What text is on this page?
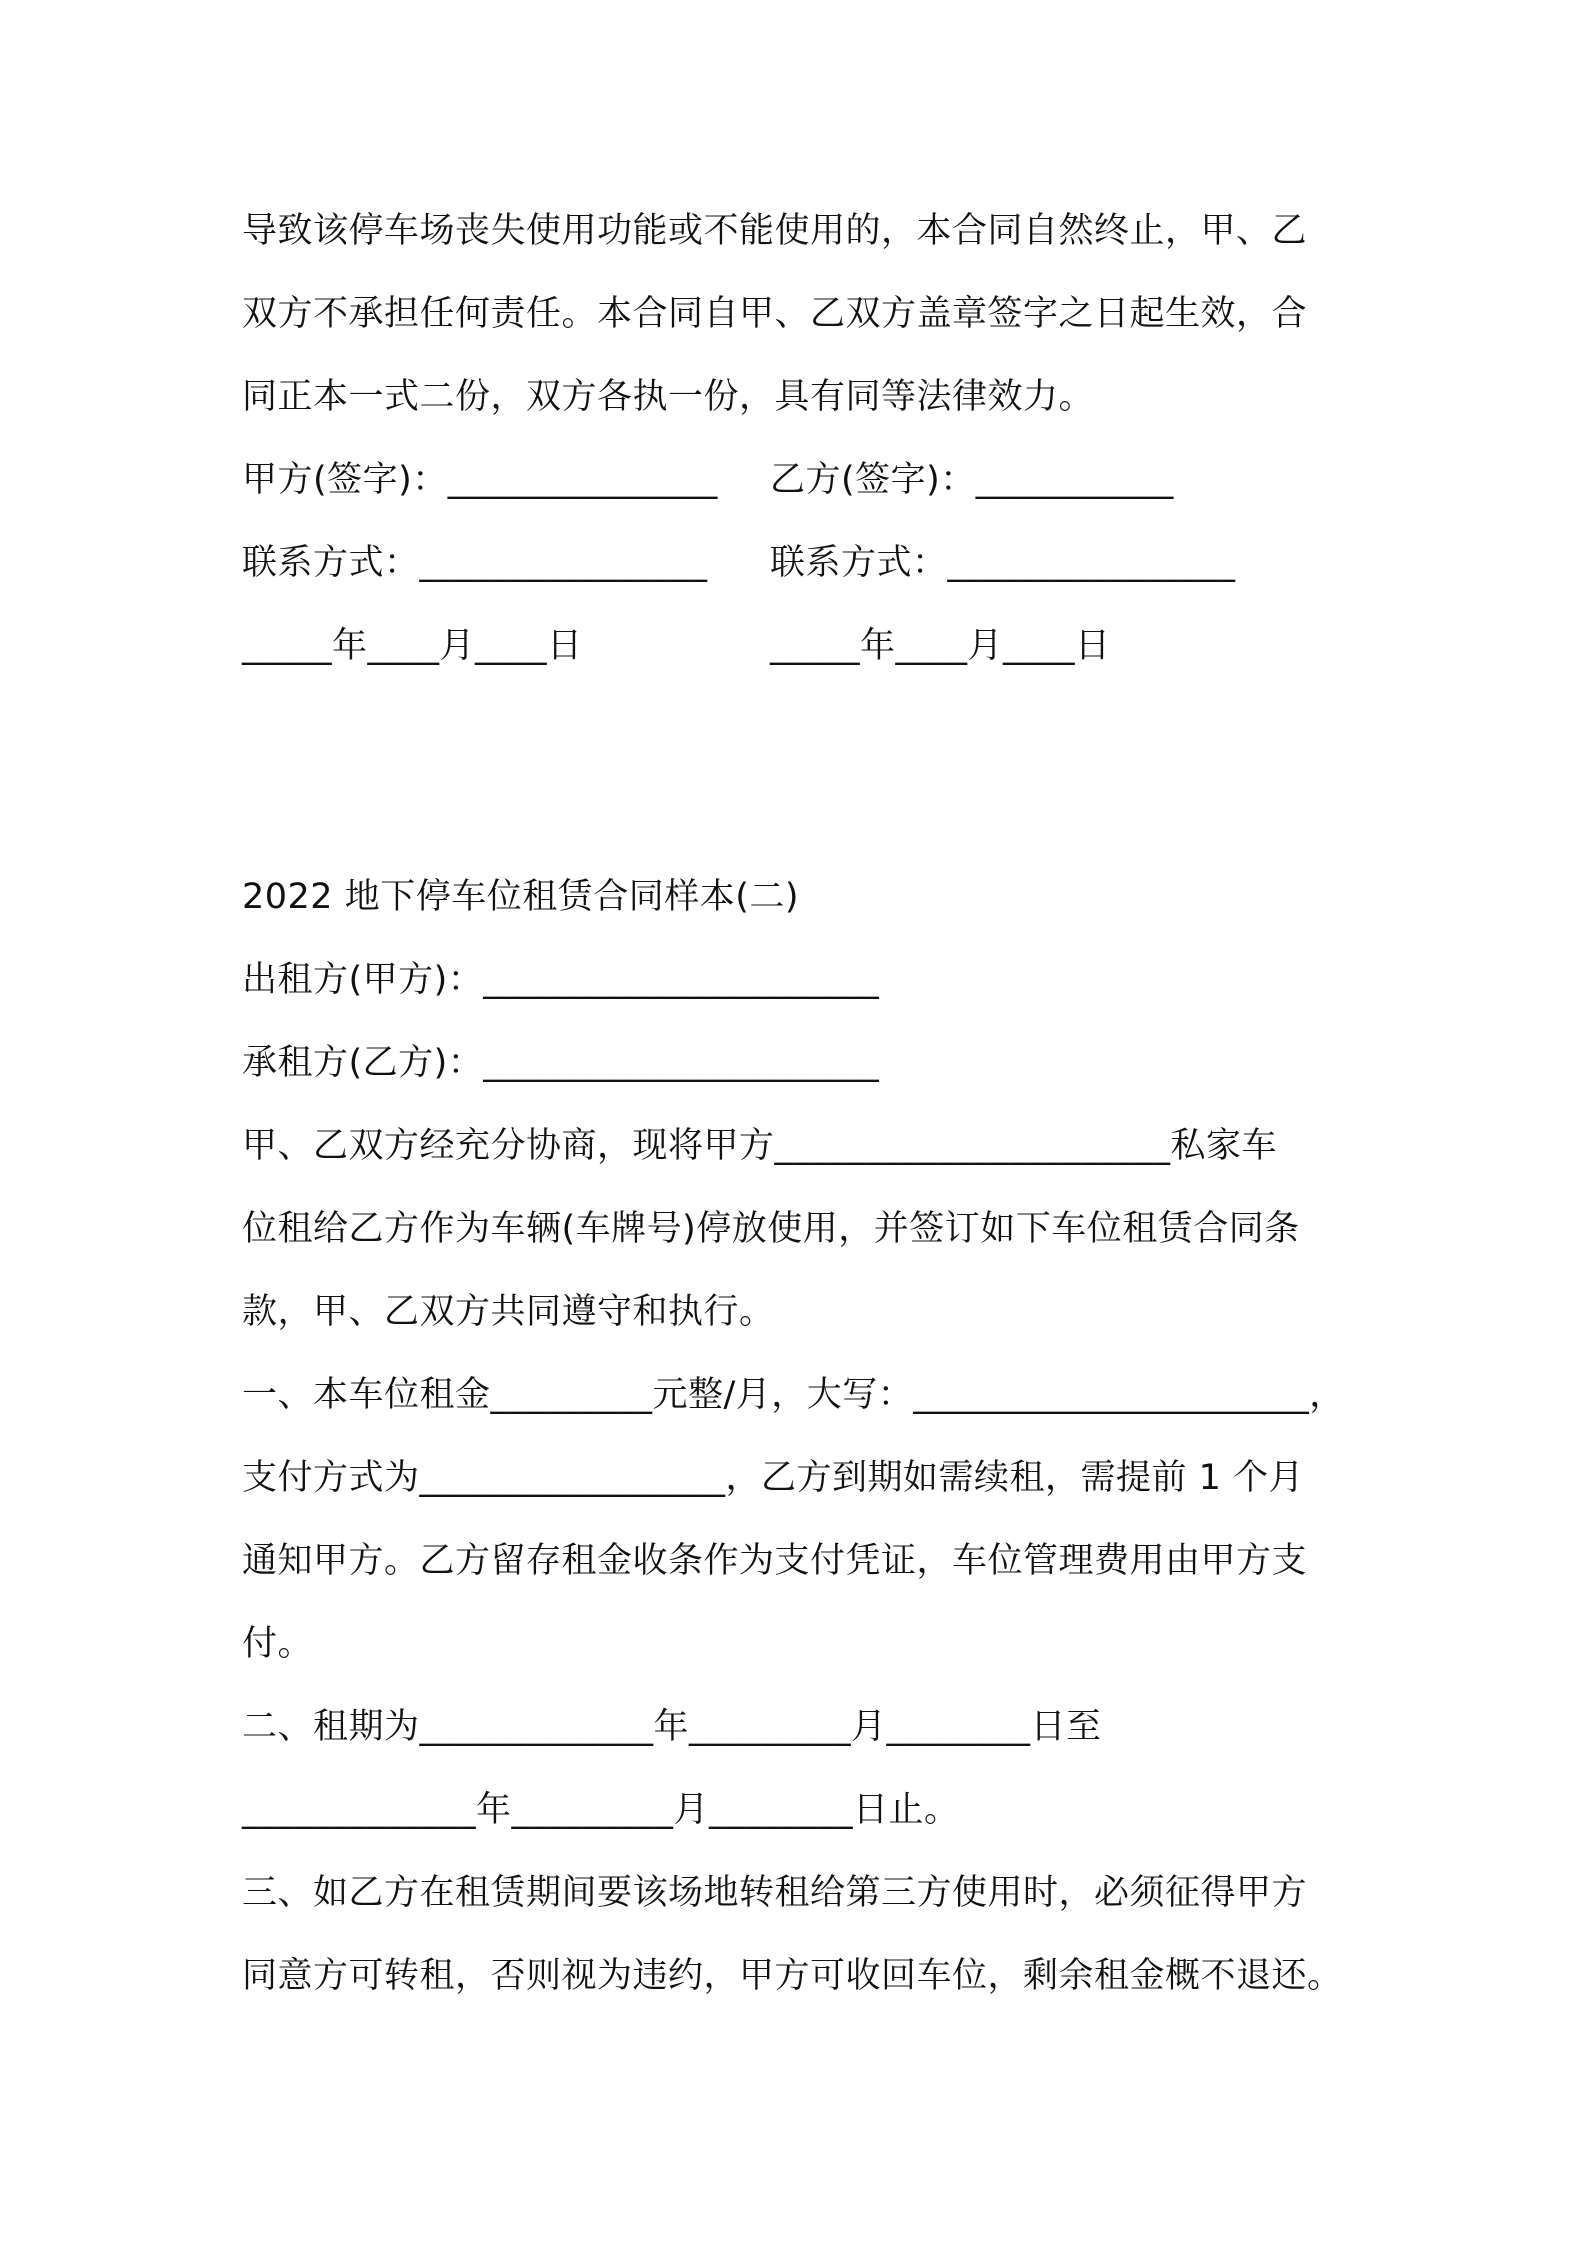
导致该停车场丧失使用功能或不能使用的，本合同自然终止，甲、乙
双方不承担任何责任。本合同自甲、乙双方盖章签字之日起生效，合
同正本一式二份，双方各执一份，具有同等法律效力。
甲方(签字)：_______________ 乙方(签字)：___________
联系方式：________________ 联系方式：________________
_____年____月____日	_____年____月____日
2022 地下停车位租赁合同样本(二)
出租方(甲方)：______________________
承租方(乙方)：______________________
甲、乙双方经充分协商，现将甲方______________________私家车
位租给乙方作为车辆(车牌号)停放使用，并签订如下车位租赁合同条
款，甲、乙双方共同遵守和执行。
一、本车位租金_________元整/月，大写：______________________，
支付方式为_________________，乙方到期如需续租，需提前 1 个月
通知甲方。乙方留存租金收条作为支付凭证，车位管理费用由甲方支
付。
二、租期为_____________年_________月________日至
_____________年_________月________日止。
三、如乙方在租赁期间要该场地转租给第三方使用时，必须征得甲方
同意方可转租，否则视为违约，甲方可收回车位，剩余租金概不退还。
